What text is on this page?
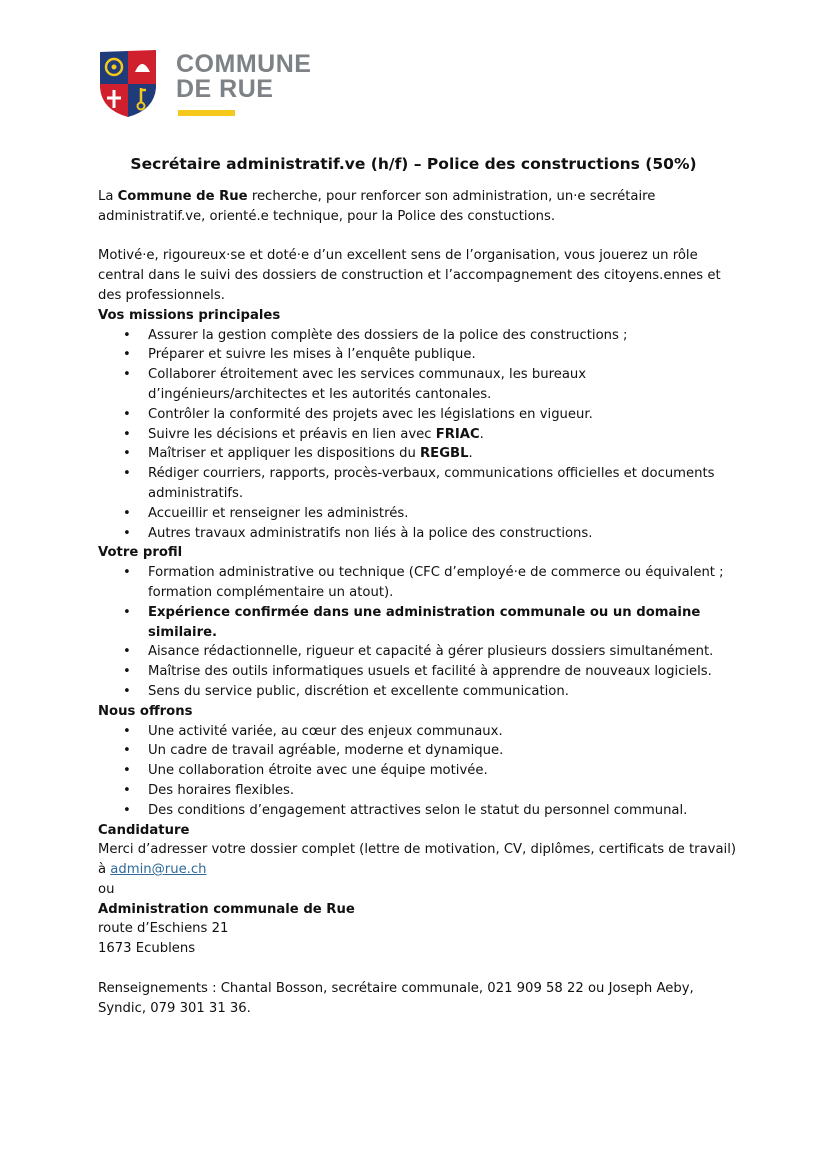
COMMUNE
DE RUE
Secrétaire administratif.ve (h/f) – Police des constructions (50%)

La Commune de Rue recherche, pour renforcer son administration, un·e secrétaire administratif.ve, orienté.e technique, pour la Police des constuctions.

Motivé·e, rigoureux·se et doté·e d’un excellent sens de l’organisation, vous jouerez un rôle central dans le suivi des dossiers de construction et l’accompagnement des citoyens.ennes et des professionnels.

Vos missions principales
• Assurer la gestion complète des dossiers de la police des constructions ;
• Préparer et suivre les mises à l’enquête publique.
• Collaborer étroitement avec les services communaux, les bureaux d’ingénieurs/architectes et les autorités cantonales.
• Contrôler la conformité des projets avec les législations en vigueur.
• Suivre les décisions et préavis en lien avec FRIAC.
• Maîtriser et appliquer les dispositions du REGBL.
• Rédiger courriers, rapports, procès-verbaux, communications officielles et documents administratifs.
• Accueillir et renseigner les administrés.
• Autres travaux administratifs non liés à la police des constructions.
Votre profil
• Formation administrative ou technique (CFC d’employé·e de commerce ou équivalent ; formation complémentaire un atout).
• Expérience confirmée dans une administration communale ou un domaine similaire.
• Aisance rédactionnelle, rigueur et capacité à gérer plusieurs dossiers simultanément.
• Maîtrise des outils informatiques usuels et facilité à apprendre de nouveaux logiciels.
• Sens du service public, discrétion et excellente communication.
Nous offrons
• Une activité variée, au cœur des enjeux communaux.
• Un cadre de travail agréable, moderne et dynamique.
• Une collaboration étroite avec une équipe motivée.
• Des horaires flexibles.
• Des conditions d’engagement attractives selon le statut du personnel communal.
Candidature

Merci d’adresser votre dossier complet (lettre de motivation, CV, diplômes, certificats de travail) à admin@rue.ch

ou

Administration communale de Rue

route d’Eschiens 21

1673 Ecublens

Renseignements : Chantal Bosson, secrétaire communale, 021 909 58 22 ou Joseph Aeby, Syndic, 079 301 31 36.
